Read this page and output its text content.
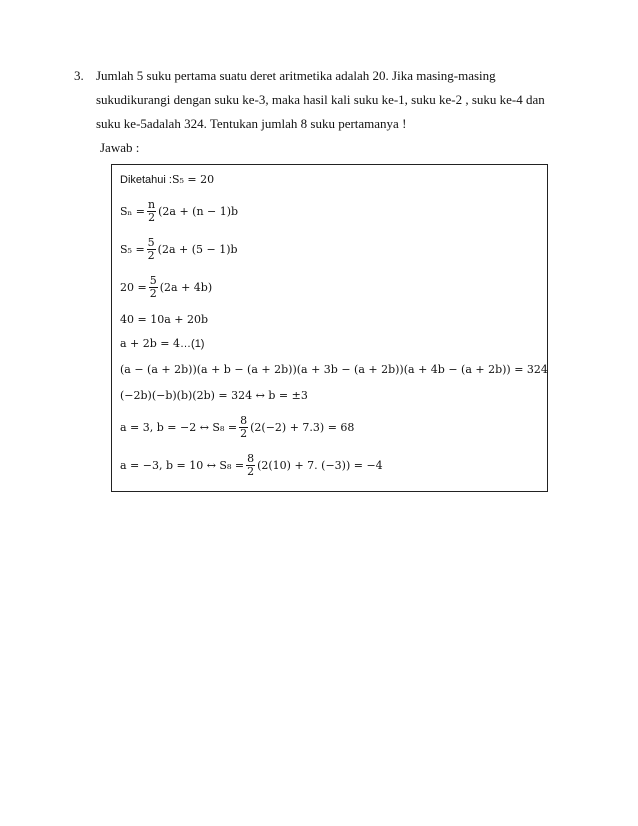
3. Jumlah 5 suku pertama suatu deret aritmetika adalah 20. Jika masing-masing
sukudikurangi dengan suku ke-3, maka hasil kali suku ke-1, suku ke-2 , suku ke-4 dan
suku ke-5adalah 324. Tentukan jumlah 8 suku pertamanya !
Jawab :
Diketahui : S₅ = 20
$S_n = \frac{n}{2} (2a + (n - 1)b$
$S_5 = \frac{5}{2} (2a + (5 - 1)b$
$20 = \frac{5}{2} (2a + 4b)$
40 = 10a + 20b
a + 2b = 4 …(1)
(a − (a + 2b))(a + b − (a + 2b))(a + 3b − (a + 2b))(a + 4b − (a + 2b)) = 324
(−2b)(−b)(b)(2b) = 324 ↔ b = ±3
a = 3, b = −2 ↔ $S_8 = \frac{8}{2} (2(-2) + 7.3) = 68$
a = −3, b = 10 ↔ $S_8 = \frac{8}{2} (2(10) + 7$. (−3)) = −4
